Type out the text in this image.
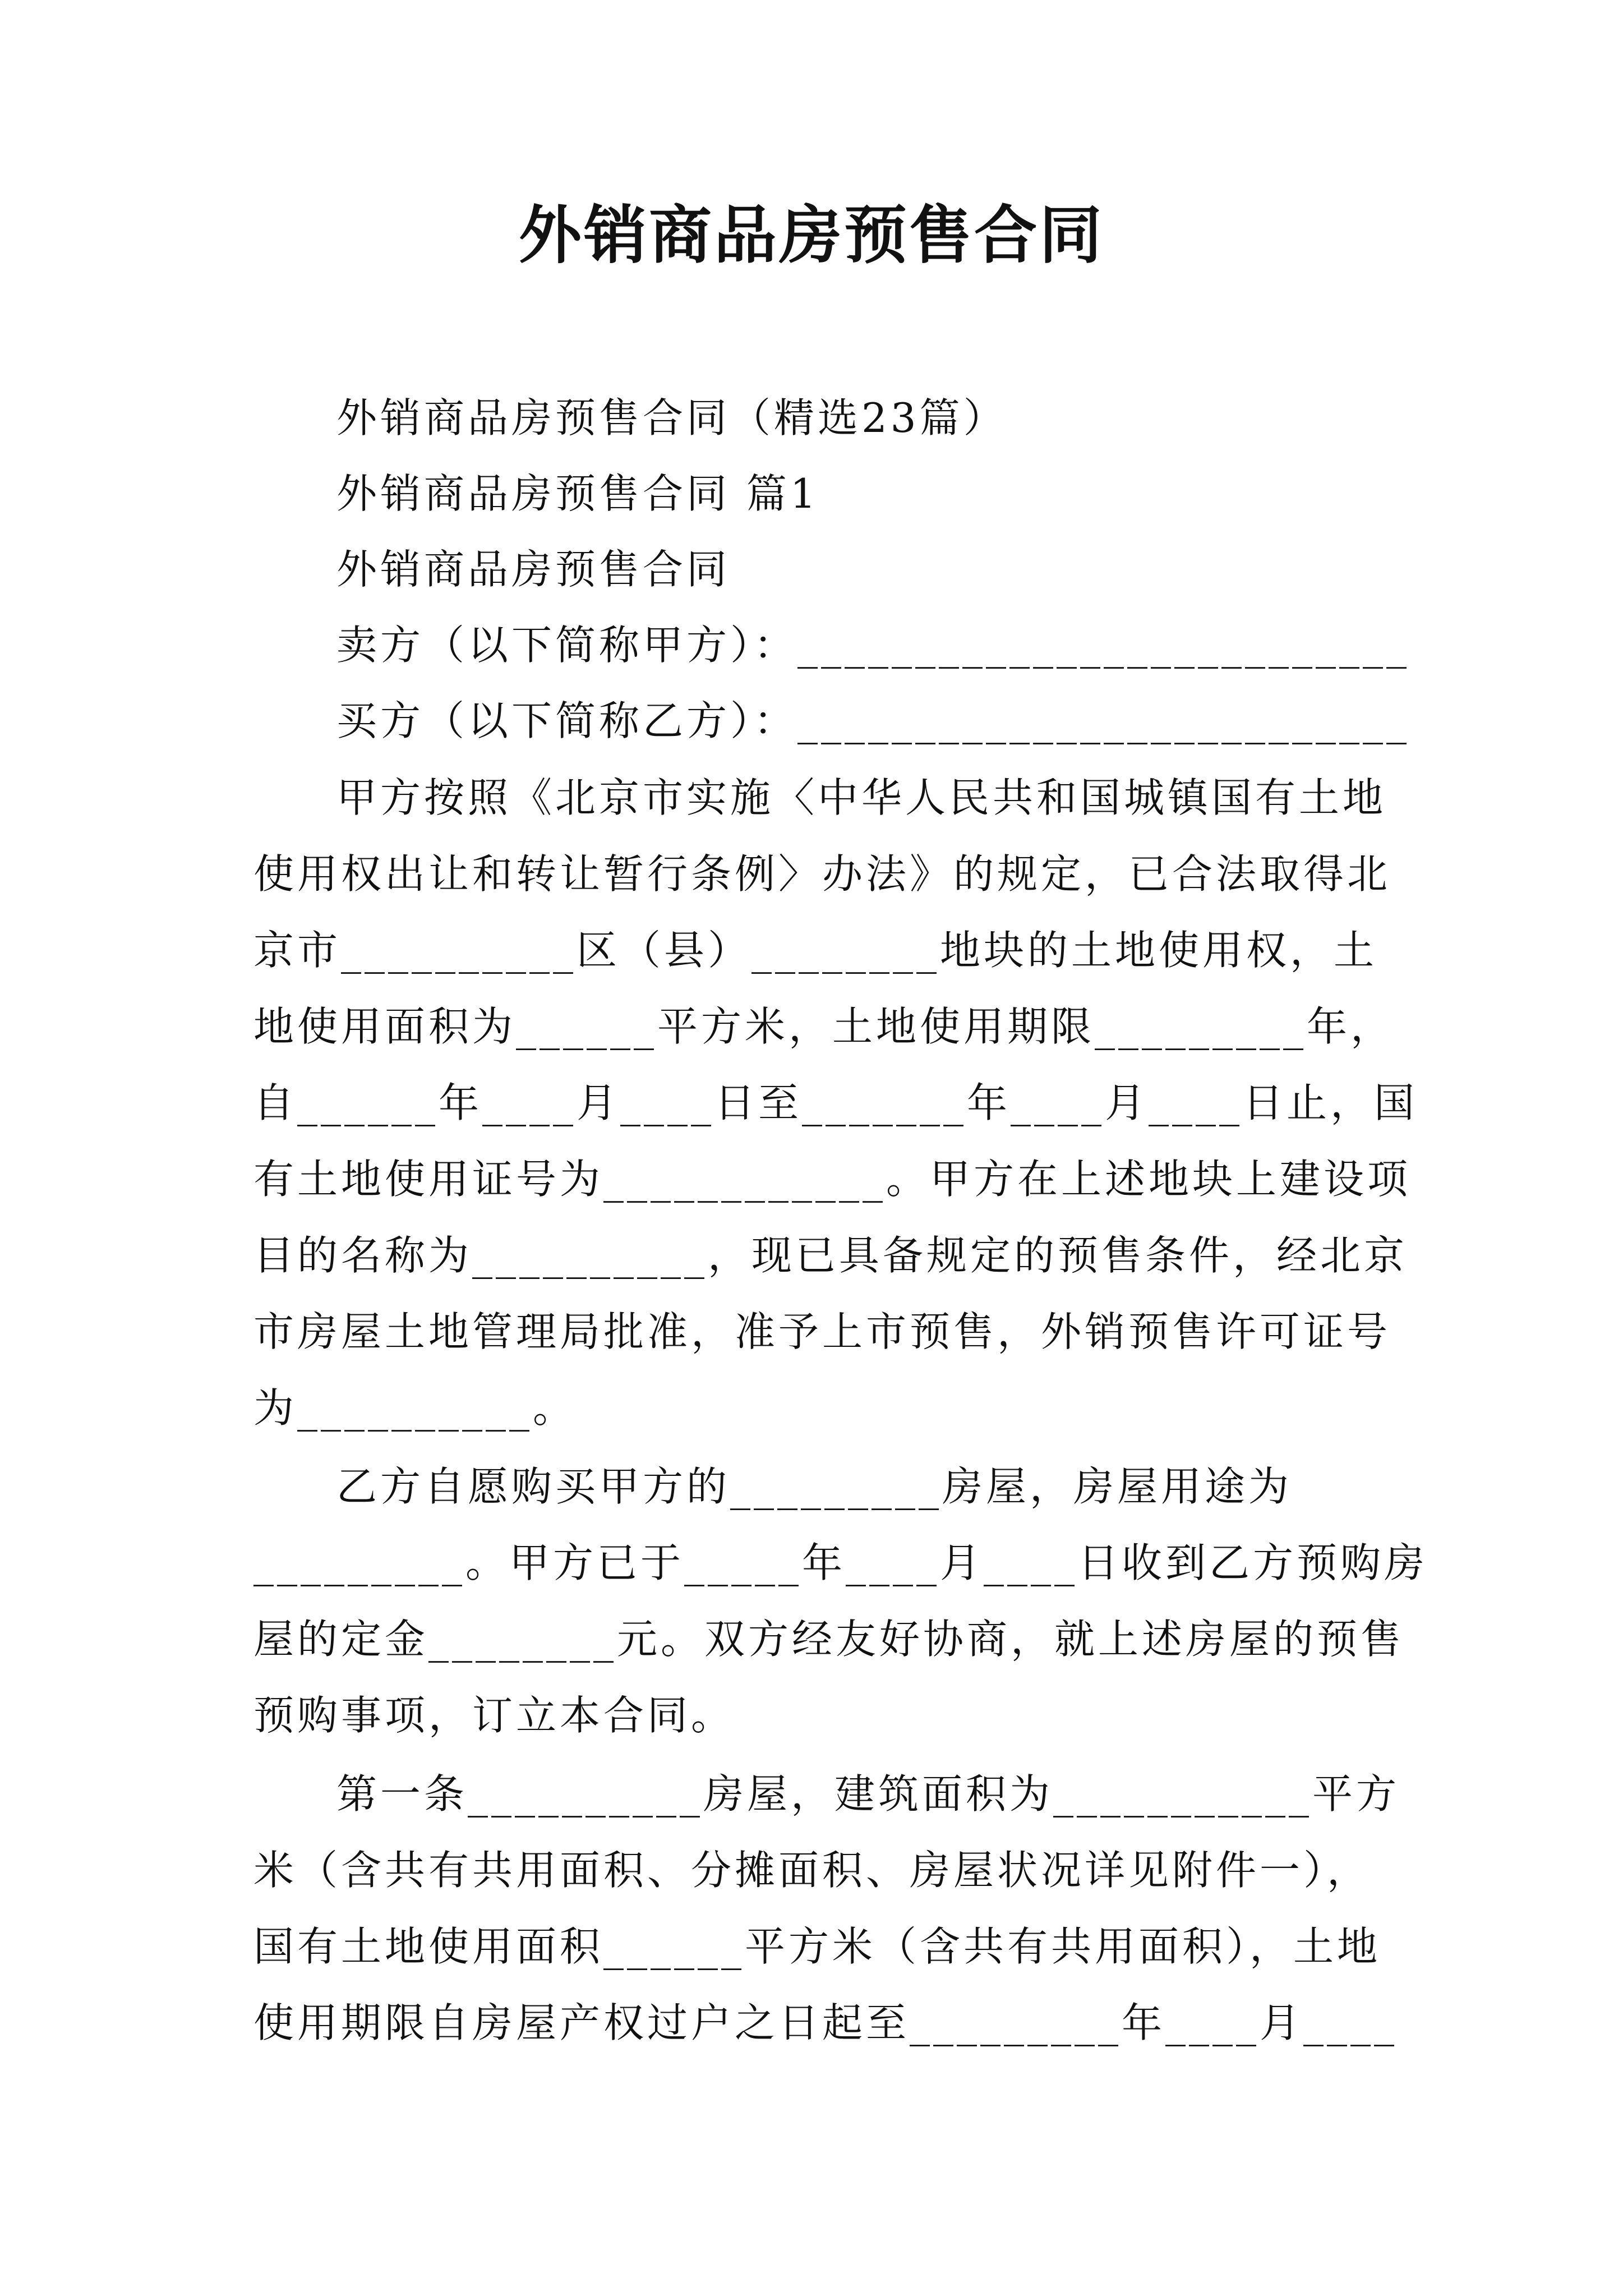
外销商品房预售合同
外销商品房预售合同（精选23篇）
外销商品房预售合同 篇1
外销商品房预售合同
卖方（以下简称甲方）：__________________________
买方（以下简称乙方）：__________________________
甲方按照《北京市实施〈中华人民共和国城镇国有土地
使用权出让和转让暂行条例〉办法》的规定，已合法取得北
京市__________区（县）________地块的土地使用权，土
地使用面积为______平方米，土地使用期限_________年，
自______年____月____日至_______年____月____日止，国
有土地使用证号为____________。甲方在上述地块上建设项
目的名称为__________，现已具备规定的预售条件，经北京
市房屋土地管理局批准，准予上市预售，外销预售许可证号
为__________。
乙方自愿购买甲方的_________房屋，房屋用途为
_________。甲方已于_____年____月____日收到乙方预购房
屋的定金________元。双方经友好协商，就上述房屋的预售
预购事项，订立本合同。
第一条__________房屋，建筑面积为___________平方
米（含共有共用面积、分摊面积、房屋状况详见附件一），
国有土地使用面积______平方米（含共有共用面积），土地
使用期限自房屋产权过户之日起至_________年____月____
